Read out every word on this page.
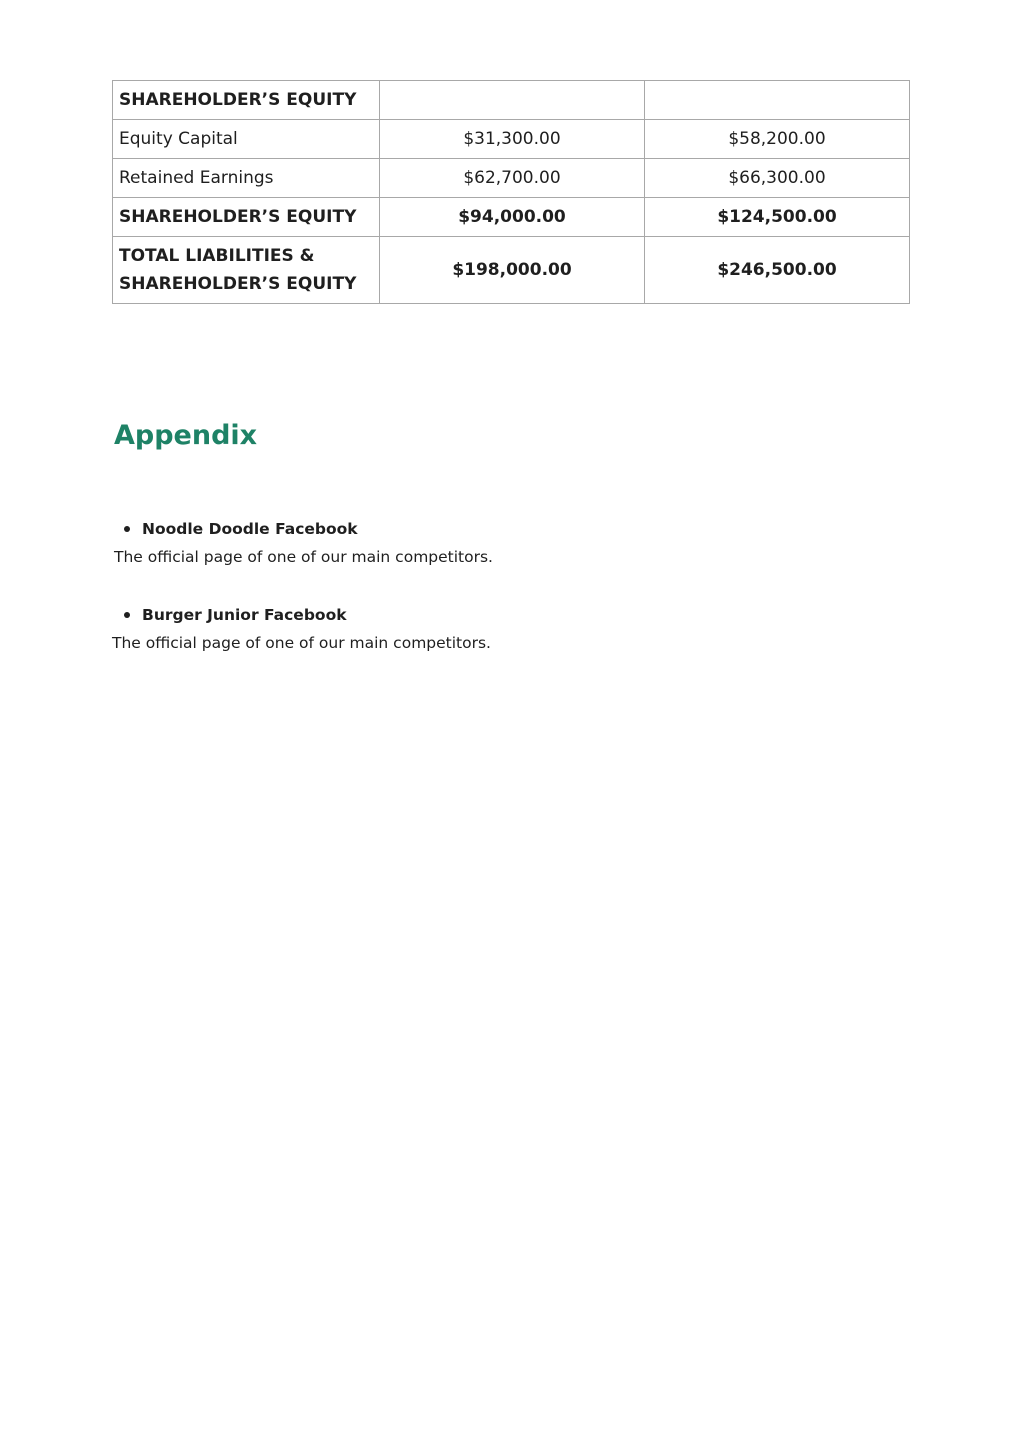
SHAREHOLDER’S EQUITY		
Equity Capital	$31,300.00	$58,200.00
Retained Earnings	$62,700.00	$66,300.00
SHAREHOLDER’S EQUITY	$94,000.00	$124,500.00
TOTAL LIABILITIES &
SHAREHOLDER’S EQUITY	$198,000.00	$246,500.00
Appendix
Noodle Doodle Facebook
The official page of one of our main competitors.
Burger Junior Facebook
The official page of one of our main competitors.
